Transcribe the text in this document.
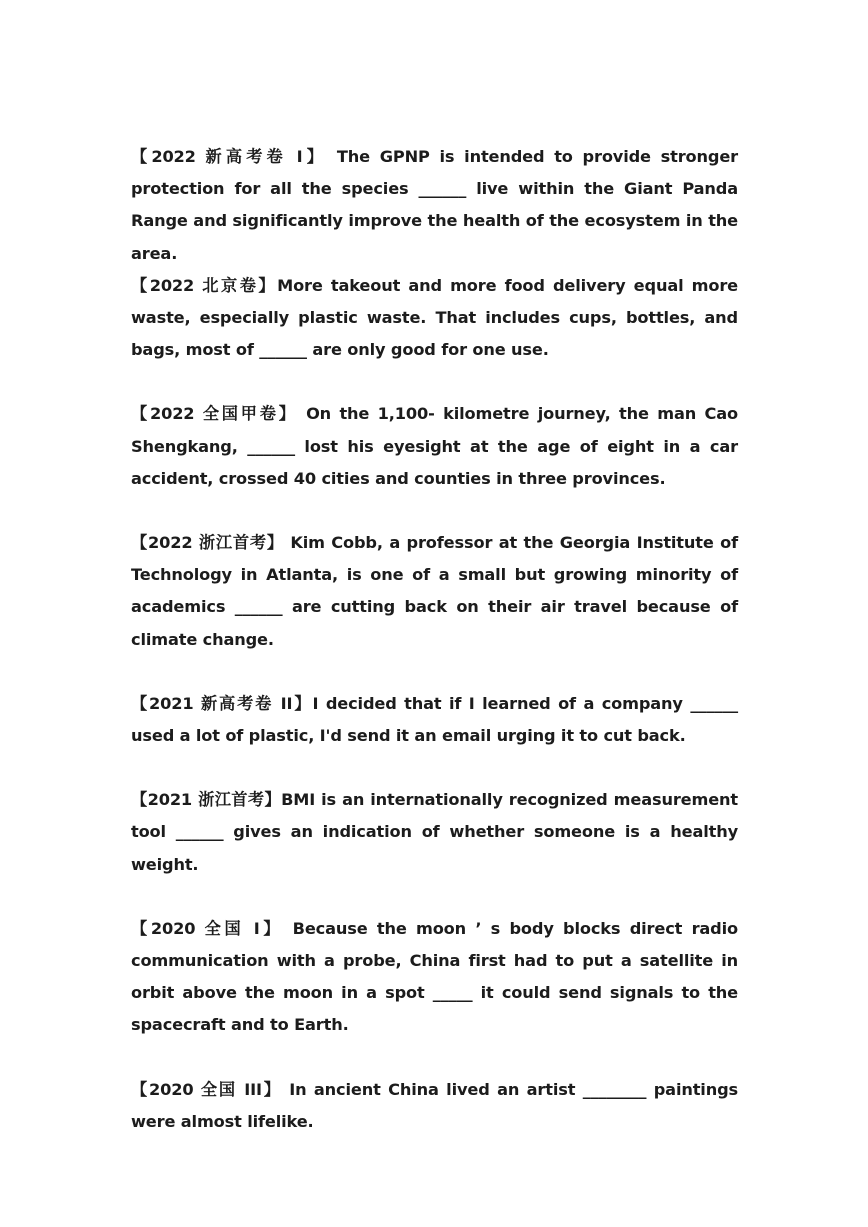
【2022 新高考卷 I】 The GPNP is intended to provide stronger protection for all the species ______ live within the Giant Panda Range and significantly improve the health of the ecosystem in the area.

【2022 北京卷】More takeout and more food delivery equal more waste, especially plastic waste. That includes cups, bottles, and bags, most of ______ are only good for one use.

【2022 全国甲卷】 On the 1,100- kilometre journey, the man Cao Shengkang, ______ lost his eyesight at the age of eight in a car accident, crossed 40 cities and counties in three provinces.

【2022 浙江首考】 Kim Cobb, a professor at the Georgia Institute of Technology in Atlanta, is one of a small but growing minority of academics ______ are cutting back on their air travel because of climate change.

【2021 新高考卷 II】I decided that if I learned of a company ______ used a lot of plastic, I'd send it an email urging it to cut back.

【2021 浙江首考】BMI is an internationally recognized measurement tool ______ gives an indication of whether someone is a healthy weight.

【2020 全国 I】 Because the moon ’ s body blocks direct radio communication with a probe, China first had to put a satellite in orbit above the moon in a spot _____ it could send signals to the spacecraft and to Earth.

【2020 全国 III】 In ancient China lived an artist ________ paintings were almost lifelike.
